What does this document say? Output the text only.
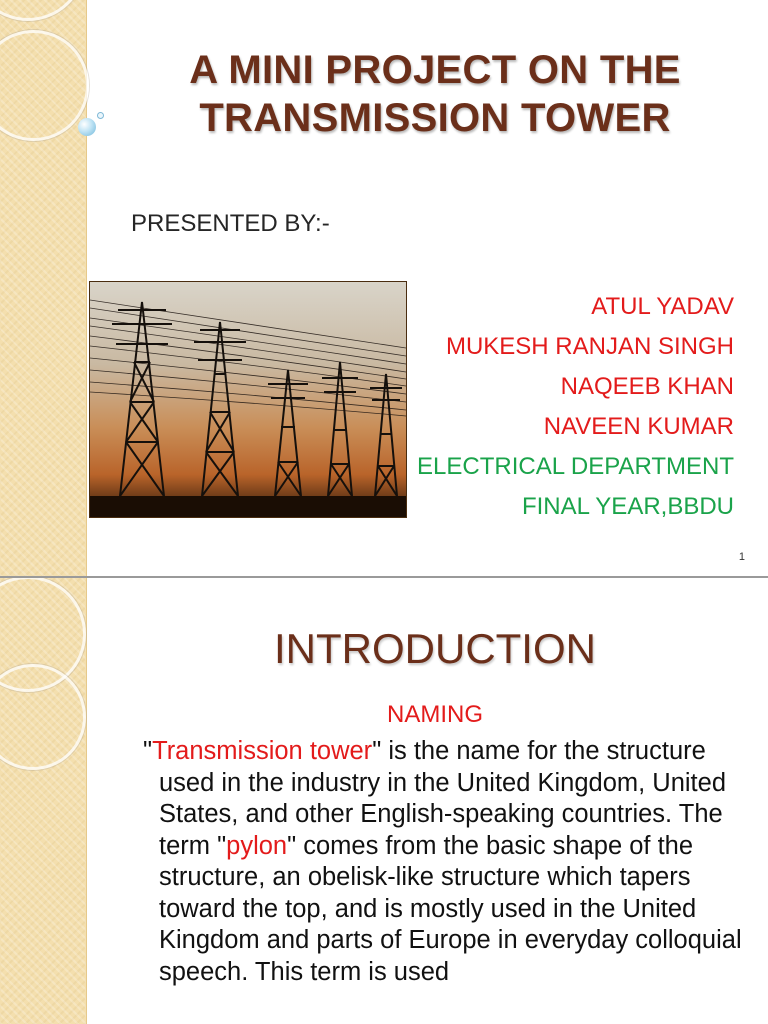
A MINI PROJECT ON THE
TRANSMISSION TOWER
PRESENTED BY:-
ATUL YADAV
MUKESH RANJAN SINGH
NAQEEB KHAN
NAVEEN KUMAR
ELECTRICAL DEPARTMENT
FINAL YEAR,BBDU
1
INTRODUCTION
NAMING

"Transmission tower" is the name for the structure used in the industry in the United Kingdom, United States, and other English-speaking countries. The term "pylon" comes from the basic shape of the structure, an obelisk-like structure which tapers toward the top, and is mostly used in the United Kingdom and parts of Europe in everyday colloquial speech. This term is used
